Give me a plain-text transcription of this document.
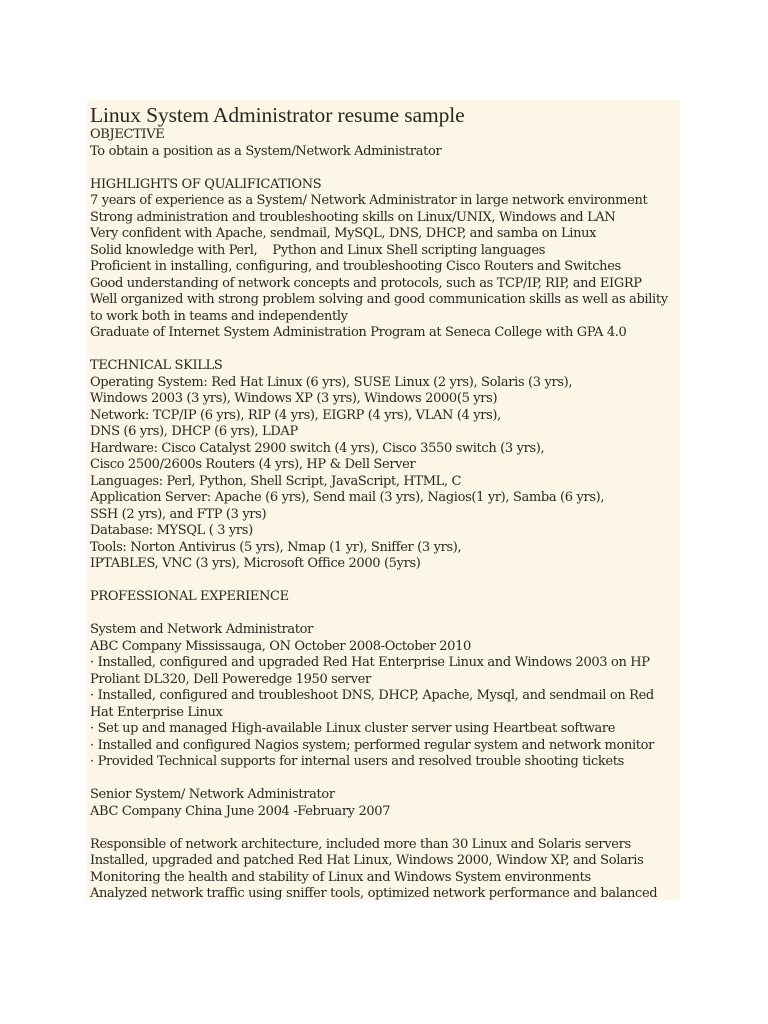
Linux System Administrator resume sample
OBJECTIVE
To obtain a position as a System/Network Administrator
HIGHLIGHTS OF QUALIFICATIONS
7 years of experience as a System/ Network Administrator in large network environment
Strong administration and troubleshooting skills on Linux/UNIX, Windows and LAN
Very confident with Apache, sendmail, MySQL, DNS, DHCP, and samba on Linux
Solid knowledge with Perl,    Python and Linux Shell scripting languages
Proficient in installing, configuring, and troubleshooting Cisco Routers and Switches
Good understanding of network concepts and protocols, such as TCP/IP, RIP, and EIGRP
Well organized with strong problem solving and good communication skills as well as ability
to work both in teams and independently
Graduate of Internet System Administration Program at Seneca College with GPA 4.0
TECHNICAL SKILLS
Operating System: Red Hat Linux (6 yrs), SUSE Linux (2 yrs), Solaris (3 yrs),
Windows 2003 (3 yrs), Windows XP (3 yrs), Windows 2000(5 yrs)
Network: TCP/IP (6 yrs), RIP (4 yrs), EIGRP (4 yrs), VLAN (4 yrs),
DNS (6 yrs), DHCP (6 yrs), LDAP
Hardware: Cisco Catalyst 2900 switch (4 yrs), Cisco 3550 switch (3 yrs),
Cisco 2500/2600s Routers (4 yrs), HP & Dell Server
Languages: Perl, Python, Shell Script, JavaScript, HTML, C
Application Server: Apache (6 yrs), Send mail (3 yrs), Nagios(1 yr), Samba (6 yrs),
SSH (2 yrs), and FTP (3 yrs)
Database: MYSQL ( 3 yrs)
Tools: Norton Antivirus (5 yrs), Nmap (1 yr), Sniffer (3 yrs),
IPTABLES, VNC (3 yrs), Microsoft Office 2000 (5yrs)
PROFESSIONAL EXPERIENCE
System and Network Administrator
ABC Company Mississauga, ON October 2008-October 2010
· Installed, configured and upgraded Red Hat Enterprise Linux and Windows 2003 on HP
Proliant DL320, Dell Poweredge 1950 server
· Installed, configured and troubleshoot DNS, DHCP, Apache, Mysql, and sendmail on Red
Hat Enterprise Linux
· Set up and managed High-available Linux cluster server using Heartbeat software
· Installed and configured Nagios system; performed regular system and network monitor
· Provided Technical supports for internal users and resolved trouble shooting tickets
Senior System/ Network Administrator
ABC Company China June 2004 -February 2007
Responsible of network architecture, included more than 30 Linux and Solaris servers
Installed, upgraded and patched Red Hat Linux, Windows 2000, Window XP, and Solaris
Monitoring the health and stability of Linux and Windows System environments
Analyzed network traffic using sniffer tools, optimized network performance and balanced
